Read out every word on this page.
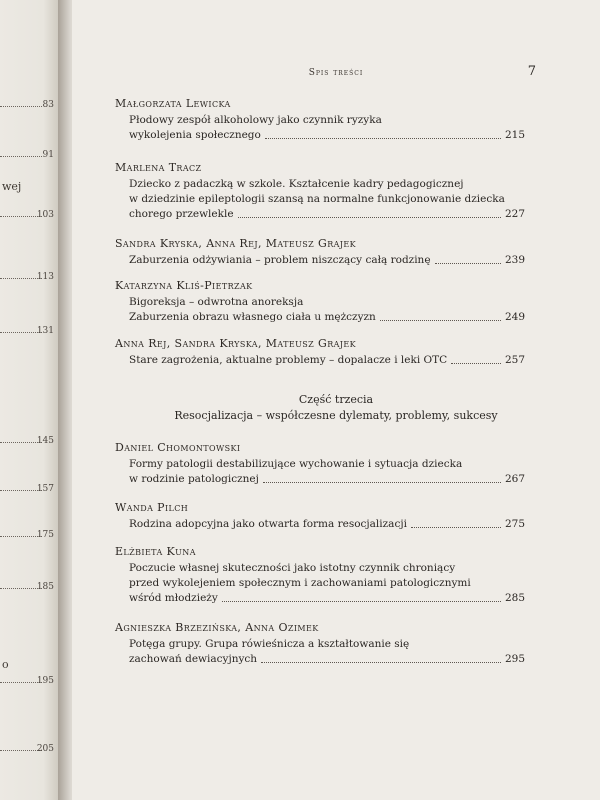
83
91
wej
103
113
131
145
157
175
185
o
195
205
Spis treści	7
Małgorzata Lewicka
Płodowy zespół alkoholowy jako czynnik ryzyka
wykolejenia społecznego	215
Marlena Tracz
Dziecko z padaczką w szkole. Kształcenie kadry pedagogicznej
w dziedzinie epileptologii szansą na normalne funkcjonowanie dziecka
chorego przewlekle	227
Sandra Kryska, Anna Rej, Mateusz Grajek
Zaburzenia odżywiania – problem niszczący całą rodzinę	239
Katarzyna Kliś-Pietrzak
Bigoreksja – odwrotna anoreksja
Zaburzenia obrazu własnego ciała u mężczyzn	249
Anna Rej, Sandra Kryska, Mateusz Grajek
Stare zagrożenia, aktualne problemy – dopalacze i leki OTC	257
Część trzecia
Resocjalizacja – współczesne dylematy, problemy, sukcesy
Daniel Chomontowski
Formy patologii destabilizujące wychowanie i sytuacja dziecka
w rodzinie patologicznej	267
Wanda Pilch
Rodzina adopcyjna jako otwarta forma resocjalizacji	275
Elżbieta Kuna
Poczucie własnej skuteczności jako istotny czynnik chroniący
przed wykolejeniem społecznym i zachowaniami patologicznymi
wśród młodzieży	285
Agnieszka Brzezińska, Anna Ozimek
Potęga grupy. Grupa rówieśnicza a kształtowanie się
zachowań dewiacyjnych	295
